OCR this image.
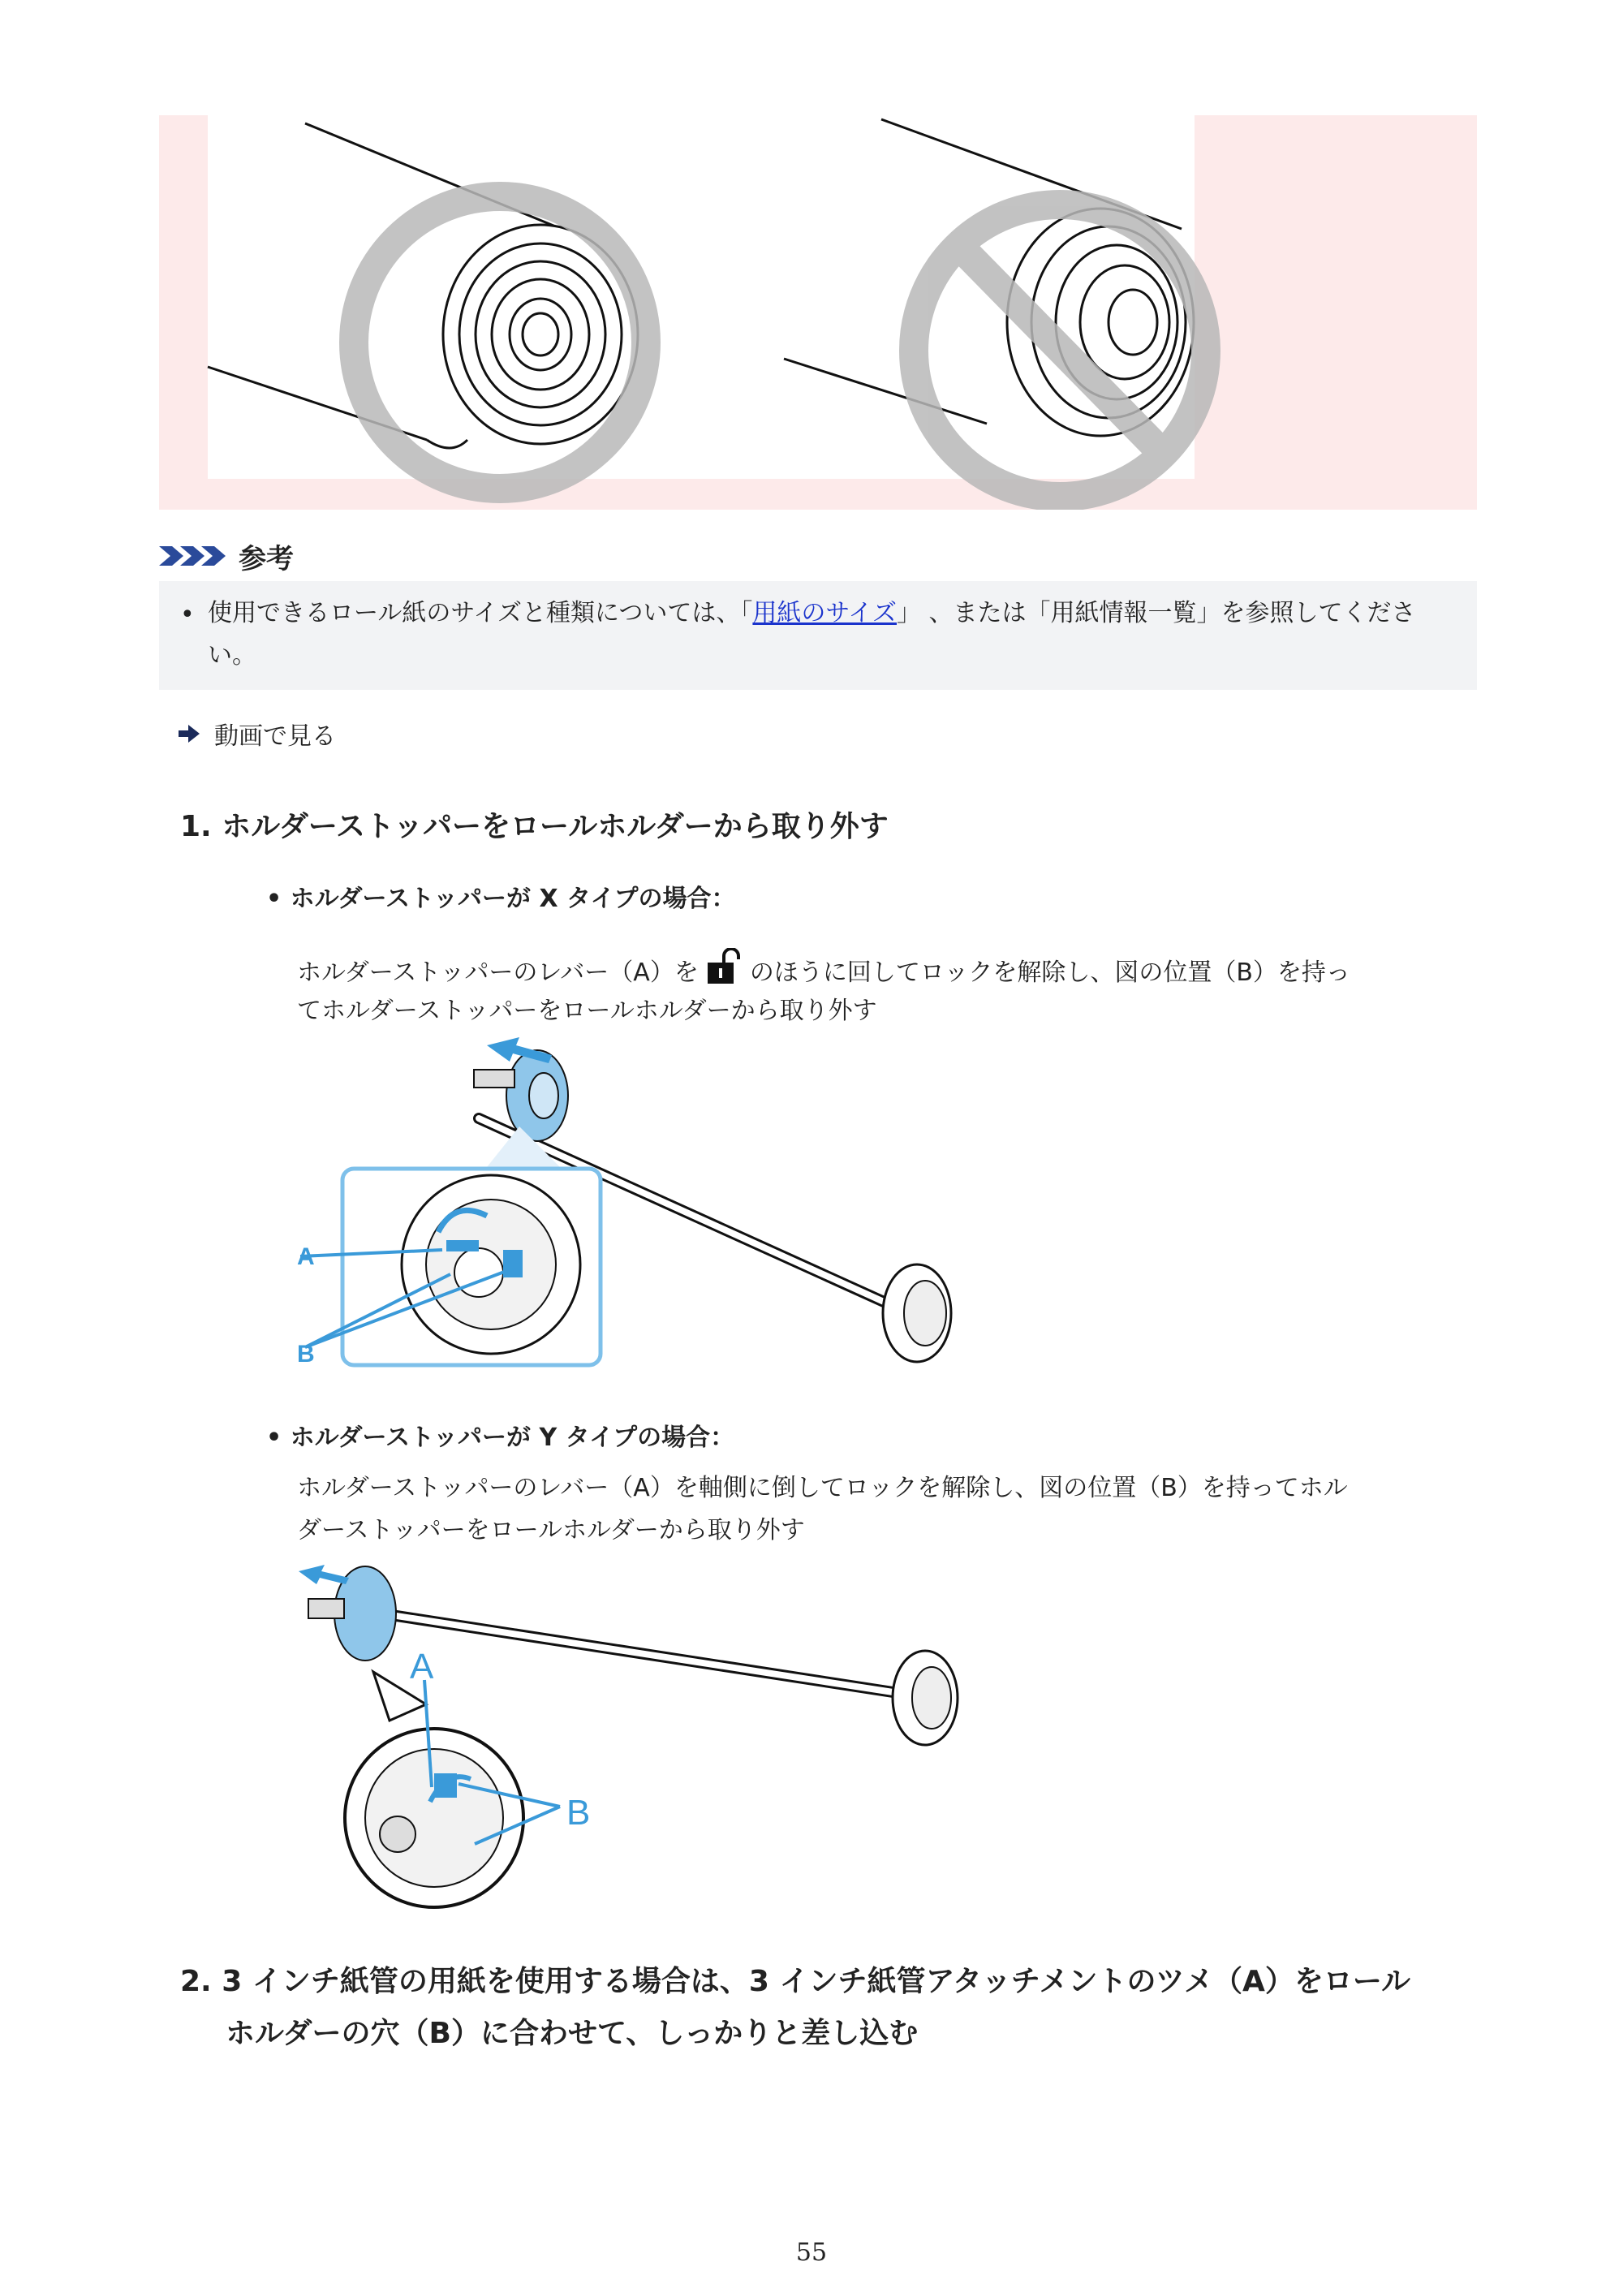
参考
• 使用できるロール紙のサイズと種類については、「用紙のサイズ」 、または「用紙情報一覧」を参照してください。
動画で見る
1. ホルダーストッパーをロールホルダーから取り外す
• ホルダーストッパーが X タイプの場合：
ホルダーストッパーのレバー（A）を のほうに回してロックを解除し、図の位置（B）を持っ
てホルダーストッパーをロールホルダーから取り外す
A
B
• ホルダーストッパーが Y タイプの場合：
ホルダーストッパーのレバー（A）を軸側に倒してロックを解除し、図の位置（B）を持ってホル
ダーストッパーをロールホルダーから取り外す
A
B
2. 3 インチ紙管の用紙を使用する場合は、3 インチ紙管アタッチメントのツメ（A）をロール
ホルダーの穴（B）に合わせて、しっかりと差し込む
55
